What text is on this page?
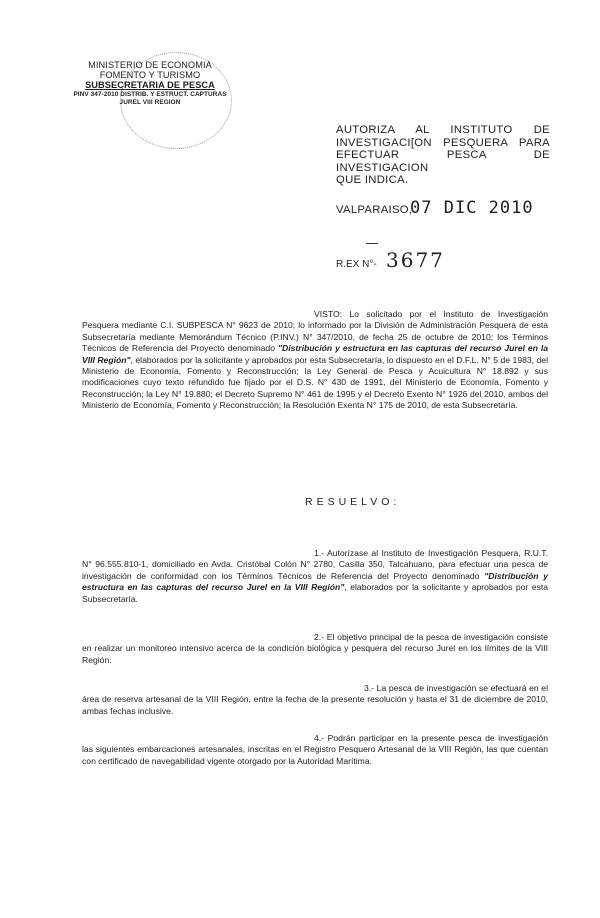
MINISTERIO DE ECONOMIA
FOMENTO Y TURISMO
SUBSECRETARIA DE PESCA
PINV 347-2010 DISTRIB. Y ESTRUCT. CAPTURAS
JUREL VIII REGION
AUTORIZA AL INSTITUTO DE
INVESTIGACI[ON PESQUERA PARA
EFECTUAR PESCA DE INVESTIGACION
QUE INDICA.
VALPARAISO,
07 DIC 2010
R.EX N°- 3677

VISTO: Lo solicitado por el Instituto de Investigación Pesquera mediante C.I. SUBPESCA N° 9623 de 2010; lo informado por la División de Administración Pesquera de esta Subsecretaría mediante Memorándum Técnico (P.INV.) N° 347/2010, de fecha 25 de octubre de 2010; los Términos Técnicos de Referencia del Proyecto denominado "Distribución y estructura en las capturas del recurso Jurel en la VIII Región", elaborados por la solicitante y aprobados por esta Subsecretaría, lo dispuesto en el D.F.L. N° 5 de 1983, del Ministerio de Economía, Fomento y Reconstrucción; la Ley General de Pesca y Acuicultura N° 18.892 y sus modificaciones cuyo texto refundido fue fijado por el D.S. N° 430 de 1991, del Ministerio de Economía, Fomento y Reconstrucción; la Ley N° 19.880; el Decreto Supremo N° 461 de 1995 y el Decreto Exento N° 1926 del 2010, ambos del Ministerio de Economía, Fomento y Reconstrucción; la Resolución Exenta N° 175 de 2010, de esta Subsecretaría.

RESUELVO:

1.- Autorízase al Instituto de Investigación Pesquera, R.U.T. N° 96.555.810-1, domiciliado en Avda. Cristóbal Colón N° 2780, Casilla 350, Talcahuano, para efectuar una pesca de investigación de conformidad con los Términos Técnicos de Referencia del Proyecto denominado "Distribución y estructura en las capturas del recurso Jurel en la VIII Región", elaborados por la solicitante y aprobados por esta Subsecretaría.

2.- El objetivo principal de la pesca de investigación consiste en realizar un monitoreo intensivo acerca de la condición biológica y pesquera del recurso Jurel en los límites de la VIII Región.

3.- La pesca de investigación se efectuará en el área de reserva artesanal de la VIII Región, entre la fecha de la presente resolución y hasta el 31 de diciembre de 2010, ambas fechas inclusive.

4.- Podrán participar en la presente pesca de investigación las siguientes embarcaciones artesanales, inscritas en el Registro Pesquero Artesanal de la VIII Región, las que cuentan con certificado de navegabilidad vigente otorgado por la Autoridad Marítima.
